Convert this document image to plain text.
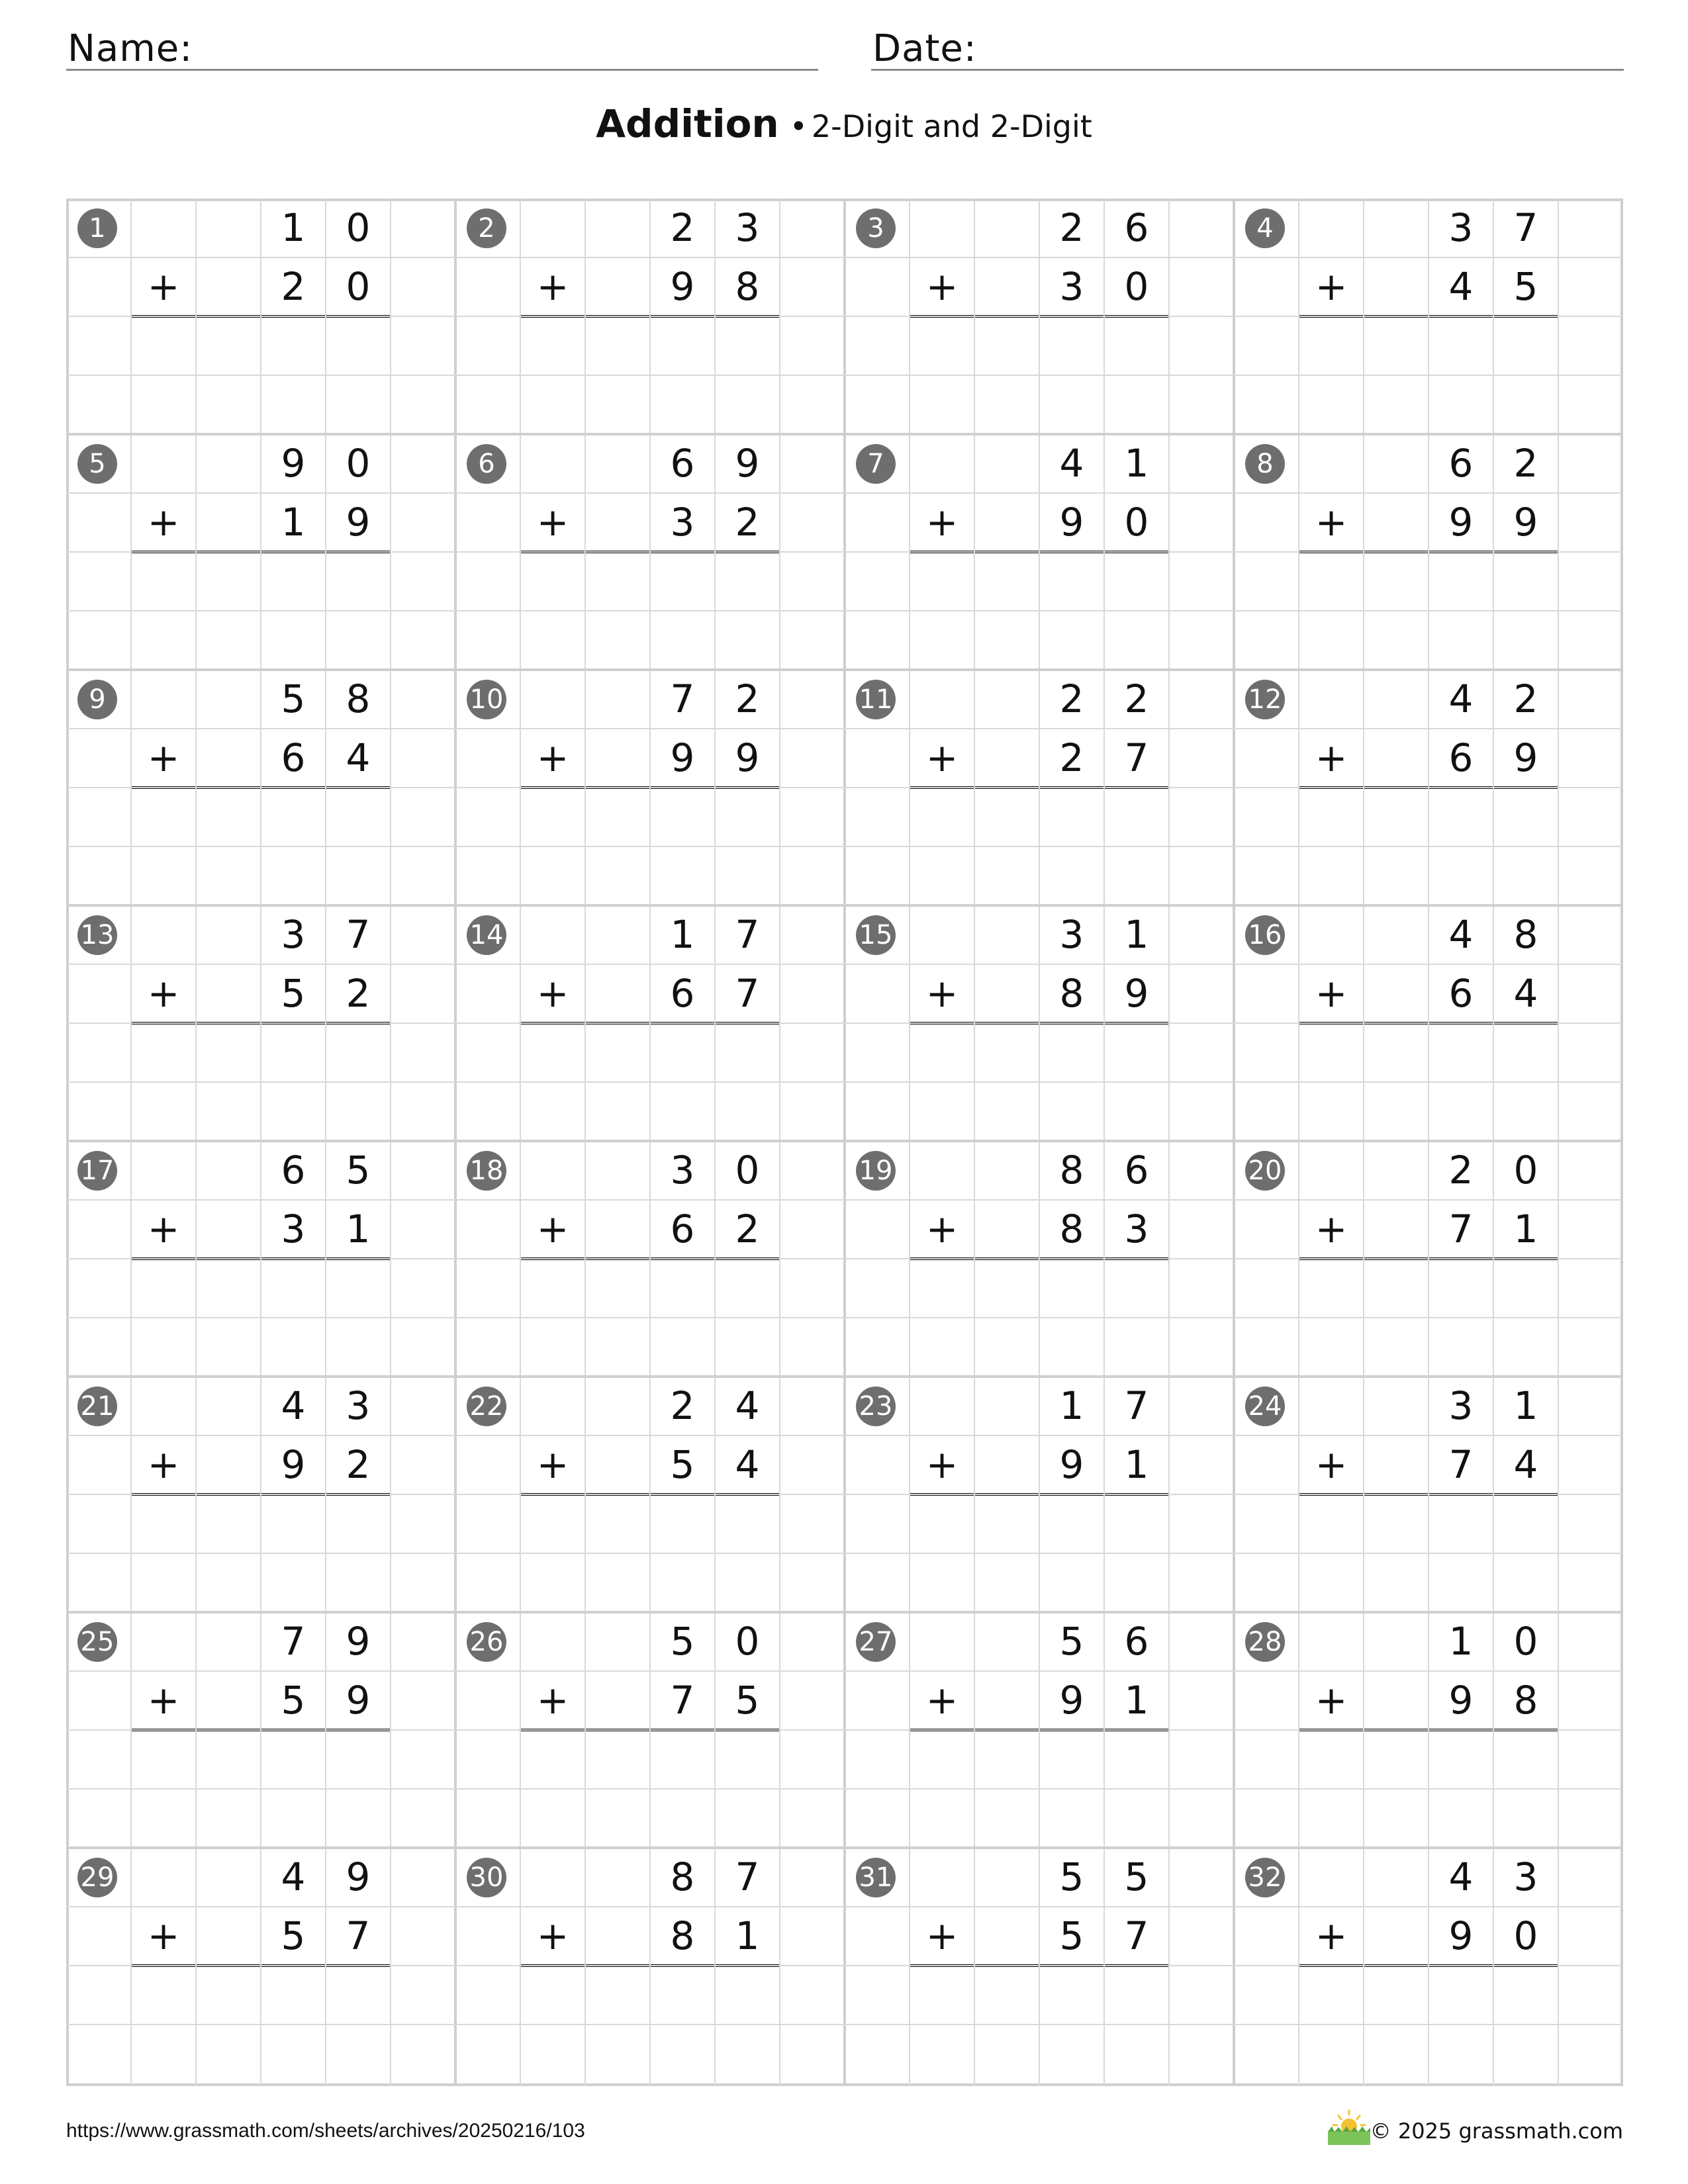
Name:	Date:
Addition • 2-Digit and 2-Digit
1	1	0
+	2	0
2	2	3
+	9	8
3	2	6
+	3	0
4	3	7
+	4	5
5	9	0
+	1	9
6	6	9
+	3	2
7	4	1
+	9	0
8	6	2
+	9	9
9	5	8
+	6	4
10	7	2
+	9	9
11	2	2
+	2	7
12	4	2
+	6	9
13	3	7
+	5	2
14	1	7
+	6	7
15	3	1
+	8	9
16	4	8
+	6	4
17	6	5
+	3	1
18	3	0
+	6	2
19	8	6
+	8	3
20	2	0
+	7	1
21	4	3
+	9	2
22	2	4
+	5	4
23	1	7
+	9	1
24	3	1
+	7	4
25	7	9
+	5	9
26	5	0
+	7	5
27	5	6
+	9	1
28	1	0
+	9	8
29	4	9
+	5	7
30	8	7
+	8	1
31	5	5
+	5	7
32	4	3
+	9	0
https://www.grassmath.com/sheets/archives/20250216/103	© 2025 grassmath.com
